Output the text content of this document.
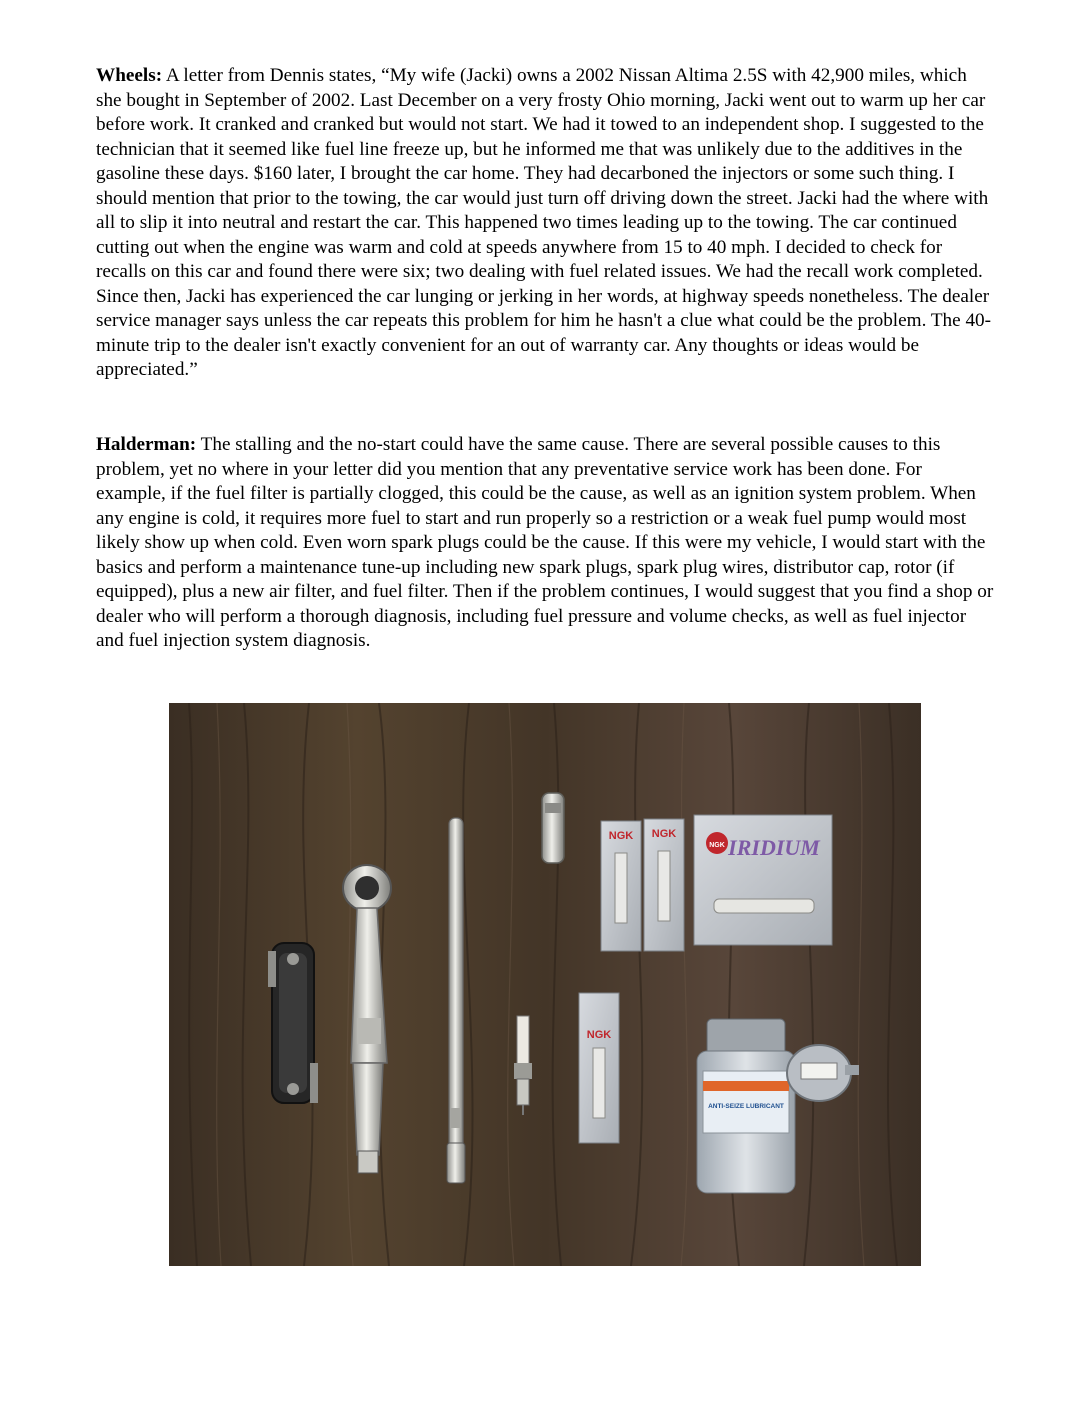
Wheels: A letter from Dennis states, “My wife (Jacki) owns a 2002 Nissan Altima 2.5S with 42,900 miles, which she bought in September of 2002. Last December on a very frosty Ohio morning, Jacki went out to warm up her car before work. It cranked and cranked but would not start. We had it towed to an independent shop. I suggested to the technician that it seemed like fuel line freeze up, but he informed me that was unlikely due to the additives in the gasoline these days. $160 later, I brought the car home. They had decarboned the injectors or some such thing. I should mention that prior to the towing, the car would just turn off driving down the street. Jacki had the where with all to slip it into neutral and restart the car. This happened two times leading up to the towing. The car continued cutting out when the engine was warm and cold at speeds anywhere from 15 to 40 mph. I decided to check for recalls on this car and found there were six; two dealing with fuel related issues. We had the recall work completed. Since then, Jacki has experienced the car lunging or jerking in her words, at highway speeds nonetheless. The dealer service manager says unless the car repeats this problem for him he hasn't a clue what could be the problem. The 40-minute trip to the dealer isn't exactly convenient for an out of warranty car. Any thoughts or ideas would be appreciated.”

Halderman: The stalling and the no-start could have the same cause. There are several possible causes to this problem, yet no where in your letter did you mention that any preventative service work has been done. For example, if the fuel filter is partially clogged, this could be the cause, as well as an ignition system problem. When any engine is cold, it requires more fuel to start and run properly so a restriction or a weak fuel pump would most likely show up when cold. Even worn spark plugs could be the cause. If this were my vehicle, I would start with the basics and perform a maintenance tune-up including new spark plugs, spark plug wires, distributor cap, rotor (if equipped), plus a new air filter, and fuel filter. Then if the problem continues, I would suggest that you find a shop or dealer who will perform a thorough diagnosis, including fuel pressure and volume checks, as well as fuel injector and fuel injection system diagnosis.

NGK NGK
NGK IRIDIUM
NGK
ANTI-SEIZE LUBRICANT
